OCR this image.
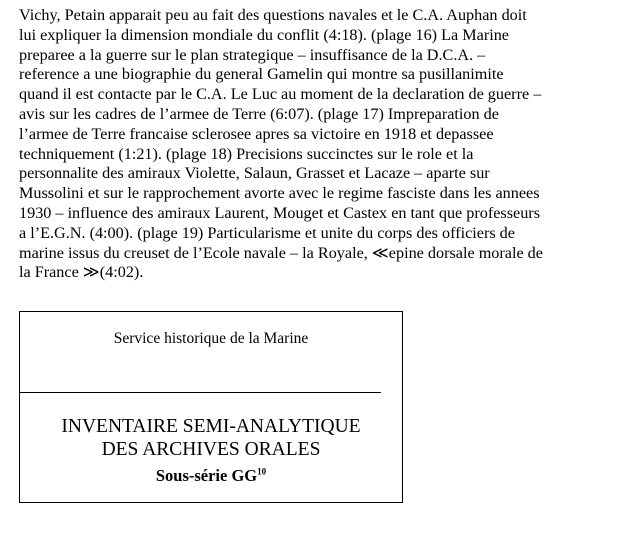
Vichy, Petain apparait peu au fait des questions navales et le C.A. Auphan doit
lui expliquer la dimension mondiale du conflit (4:18). (plage 16) La Marine
preparee a la guerre sur le plan strategique – insuffisance de la D.C.A. –
reference a une biographie du general Gamelin qui montre sa pusillanimite
quand il est contacte par le C.A. Le Luc au moment de la declaration de guerre –
avis sur les cadres de l’armee de Terre (6:07). (plage 17) Impreparation de
l’armee de Terre francaise sclerosee apres sa victoire en 1918 et depassee
techniquement (1:21). (plage 18) Precisions succinctes sur le role et la
personnalite des amiraux Violette, Salaun, Grasset et Lacaze – aparte sur
Mussolini et sur le rapprochement avorte avec le regime fasciste dans les annees
1930 – influence des amiraux Laurent, Mouget et Castex en tant que professeurs
a l’E.G.N. (4:00). (plage 19) Particularisme et unite du corps des officiers de
marine issus du creuset de l’Ecole navale – la Royale, ≪epine dorsale morale de
la France ≫(4:02).
Service historique de la Marine
INVENTAIRE SEMI-ANALYTIQUE
DES ARCHIVES ORALES
Sous-série GG$^{10}$
